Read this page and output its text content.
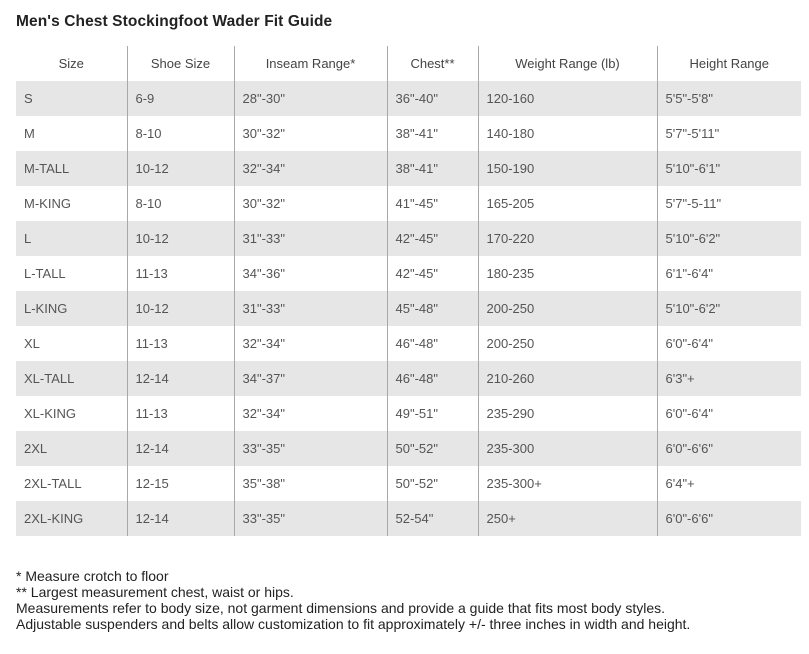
Men's Chest Stockingfoot Wader Fit Guide
Size	Shoe Size	Inseam Range*	Chest**	Weight Range (lb)	Height Range
S	6-9	28"-30"	36"-40"	120-160	5'5"-5'8"
M	8-10	30"-32"	38"-41"	140-180	5'7"-5'11"
M-TALL	10-12	32"-34"	38"-41"	150-190	5'10"-6'1"
M-KING	8-10	30"-32"	41"-45"	165-205	5'7"-5-11"
L	10-12	31"-33"	42"-45"	170-220	5'10"-6'2"
L-TALL	11-13	34"-36"	42"-45"	180-235	6'1"-6'4"
L-KING	10-12	31"-33"	45"-48"	200-250	5'10"-6'2"
XL	11-13	32"-34"	46"-48"	200-250	6'0"-6'4"
XL-TALL	12-14	34"-37"	46"-48"	210-260	6'3"+
XL-KING	11-13	32"-34"	49"-51"	235-290	6'0"-6'4"
2XL	12-14	33"-35"	50"-52"	235-300	6'0"-6'6"
2XL-TALL	12-15	35"-38"	50"-52"	235-300+	6'4"+
2XL-KING	12-14	33"-35"	52-54"	250+	6'0"-6'6"
* Measure crotch to floor
** Largest measurement chest, waist or hips.
Measurements refer to body size, not garment dimensions and provide a guide that fits most body styles.
Adjustable suspenders and belts allow customization to fit approximately +/- three inches in width and height.
